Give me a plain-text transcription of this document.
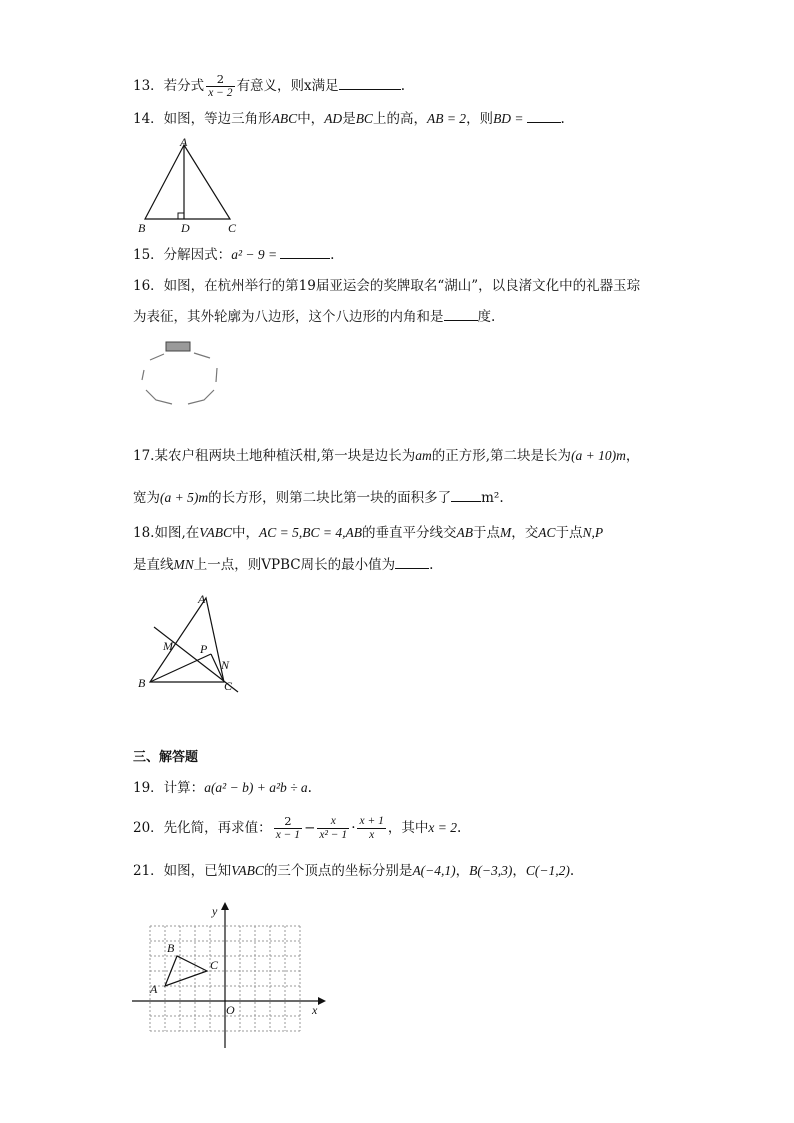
13．若分式 $\frac{2}{x - 2}$ 有意义，则x满足	.
14．如图，等边三角形ABC中，AD是BC上的高，AB = 2，则BD =	.
A
B	D	C
15．分解因式：a² − 9 =	.
16．如图，在杭州举行的第19届亚运会的奖牌取名“湖山”，以良渚文化中的礼器玉琮
为表征，其外轮廓为八边形，这个八边形的内角和是	度.
17.某农户租两块土地种植沃柑,第一块是边长为am的正方形,第二块是长为(a + 10)m，
宽为(a + 5)m的长方形，则第二块比第一块的面积多了 m².
18.如图,在VABC中，AC = 5,BC = 4,AB的垂直平分线交AB于点M，交AC于点N,P
是直线MN上一点，则VPBC周长的最小值为	.
A
B	C
M P
N
三、解答题
19．计算：a(a² − b) + a²b ÷ a.
20．先化简，再求值： $\frac{2}{x - 1} - \frac{x}{\text{x² − 1}} \cdot \frac{x + 1}{x}$ ，其中x = 2.
21．如图，已知VABC的三个顶点的坐标分别是A(−4,1)，B(−3,3)，C(−1,2).
y
x
O
A
B
C
